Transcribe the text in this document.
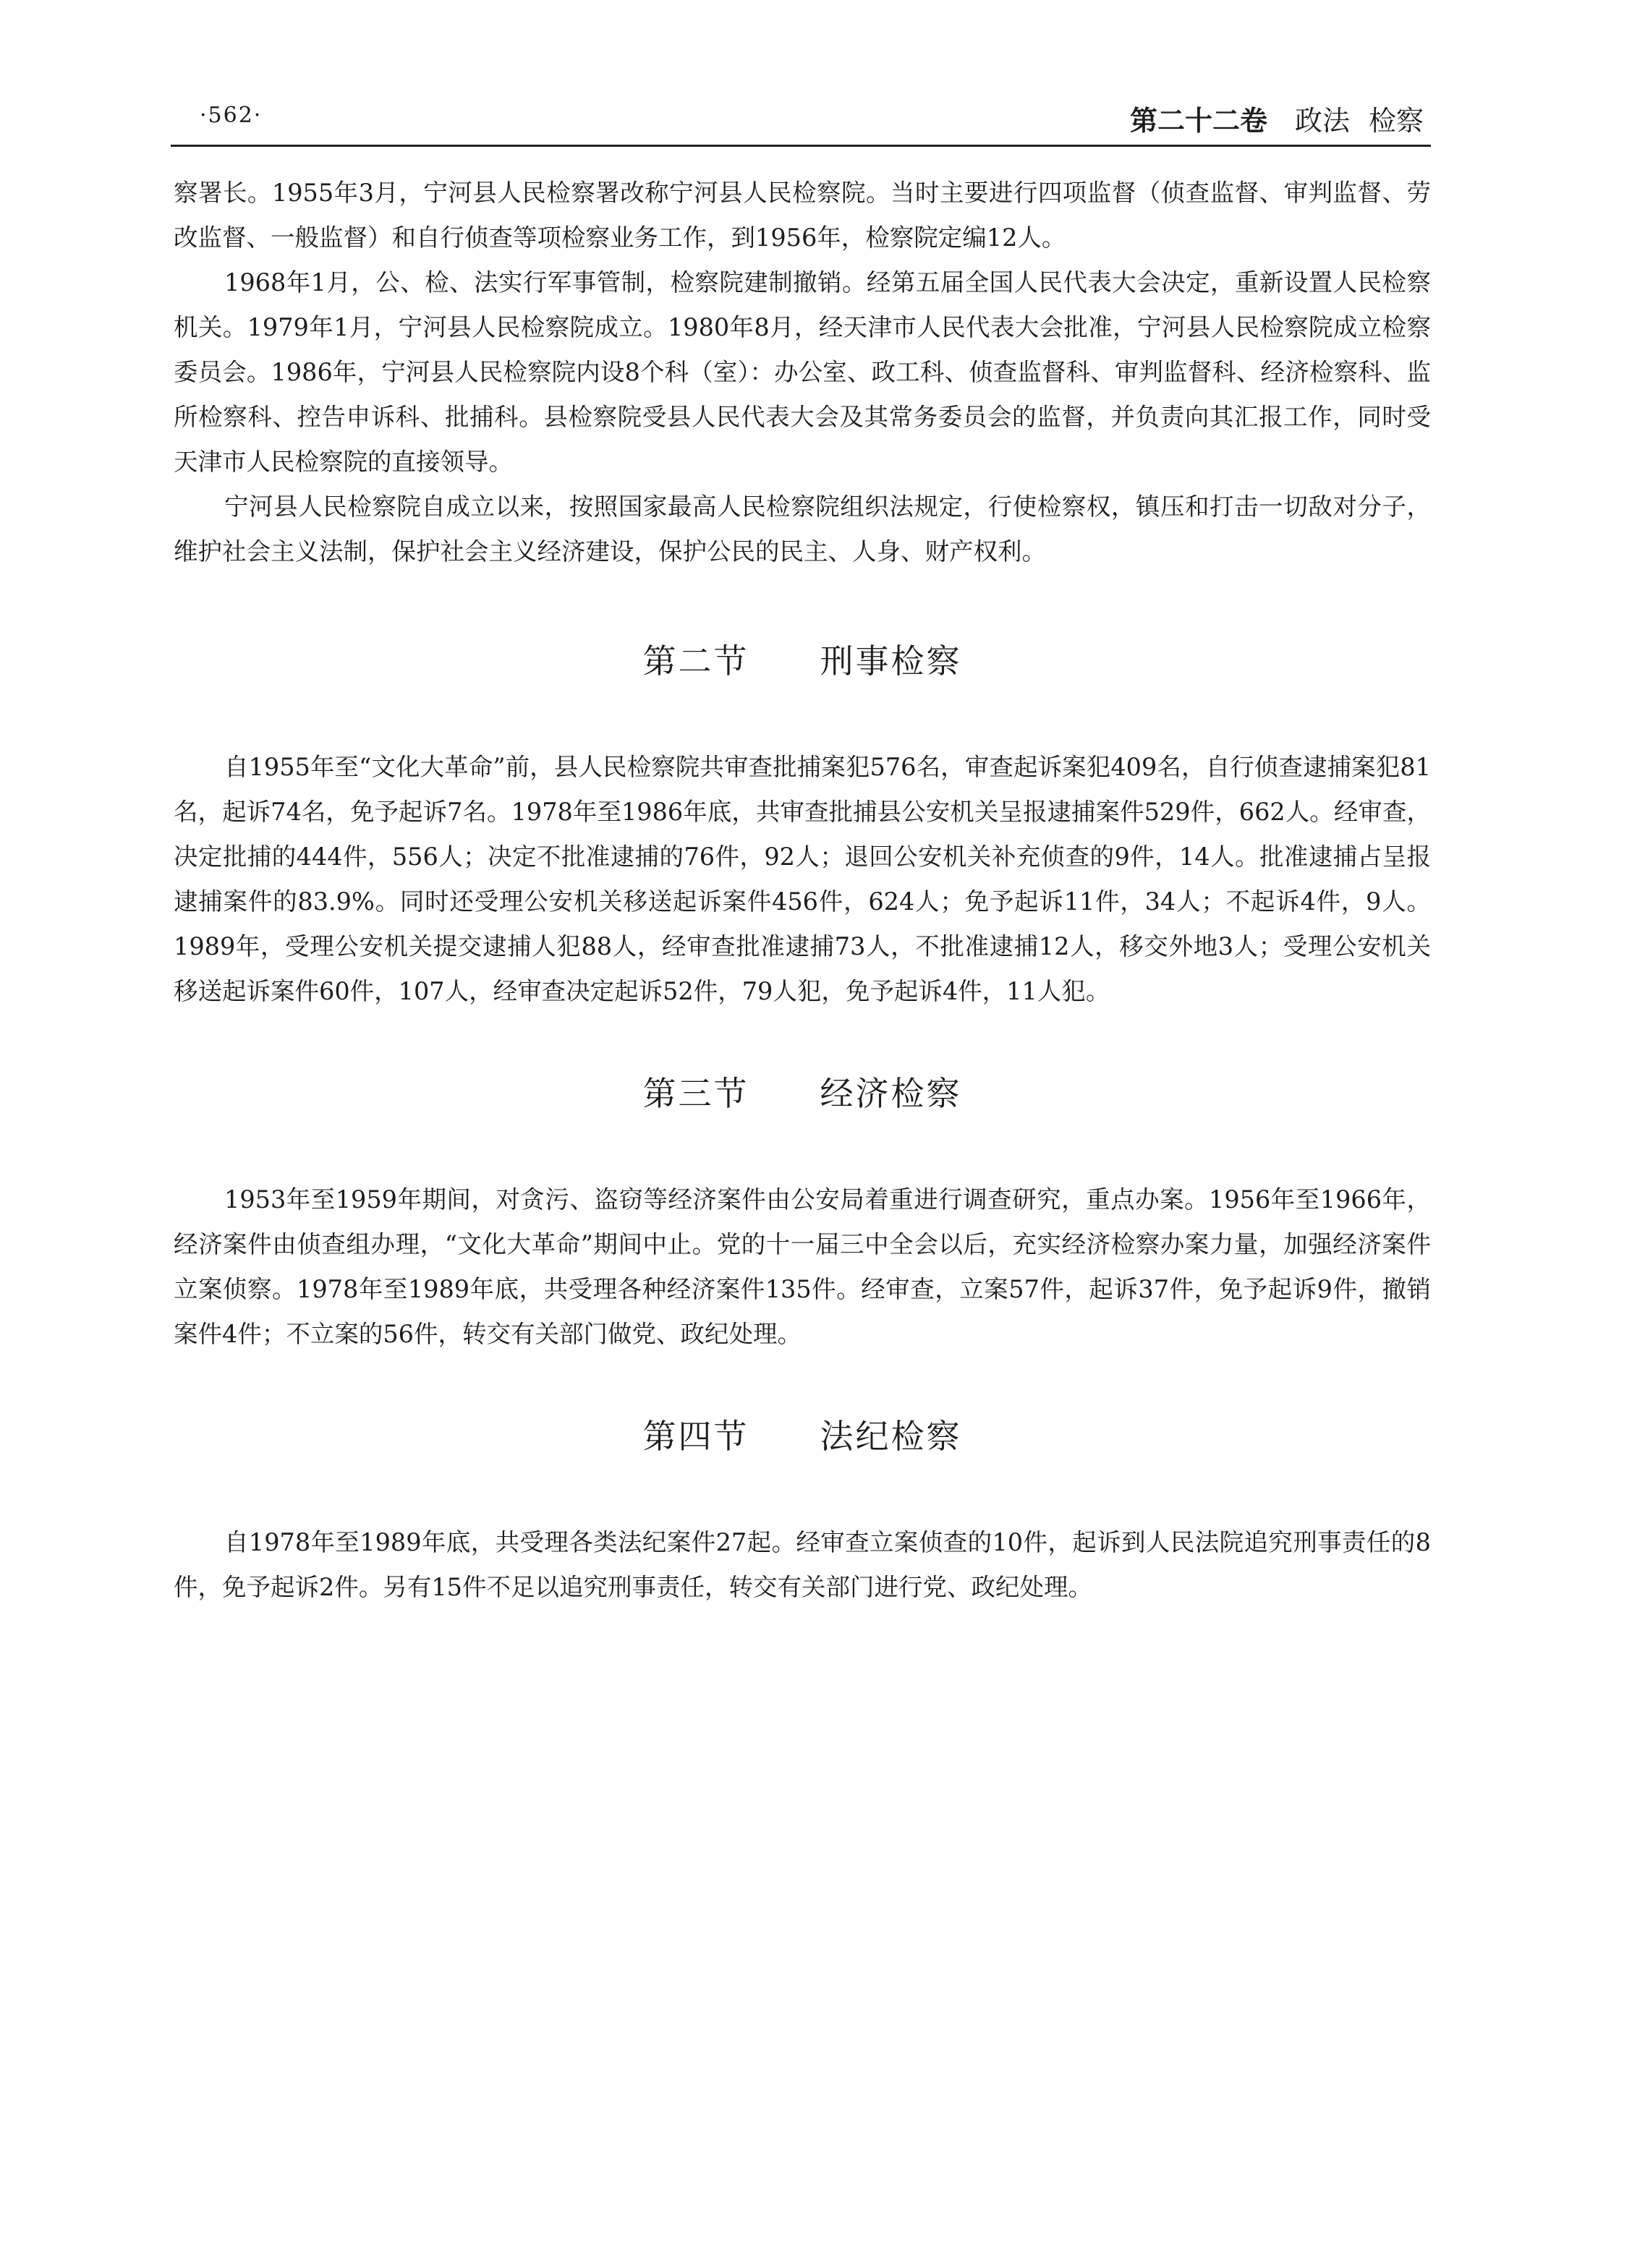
·562·	第二十二卷 政法 检察

察署长。1955年3月，宁河县人民检察署改称宁河县人民检察院。当时主要进行四项监督（侦查监督、审判监督、劳改监督、一般监督）和自行侦查等项检察业务工作，到1956年，检察院定编12人。

1968年1月，公、检、法实行军事管制，检察院建制撤销。经第五届全国人民代表大会决定，重新设置人民检察机关。1979年1月，宁河县人民检察院成立。1980年8月，经天津市人民代表大会批准，宁河县人民检察院成立检察委员会。1986年，宁河县人民检察院内设8个科（室）：办公室、政工科、侦查监督科、审判监督科、经济检察科、监所检察科、控告申诉科、批捕科。县检察院受县人民代表大会及其常务委员会的监督，并负责向其汇报工作，同时受天津市人民检察院的直接领导。

宁河县人民检察院自成立以来，按照国家最高人民检察院组织法规定，行使检察权，镇压和打击一切敌对分子，维护社会主义法制，保护社会主义经济建设，保护公民的民主、人身、财产权利。

第二节　　刑事检察

自1955年至“文化大革命”前，县人民检察院共审查批捕案犯576名，审查起诉案犯409名，自行侦查逮捕案犯81名，起诉74名，免予起诉7名。1978年至1986年底，共审查批捕县公安机关呈报逮捕案件529件，662人。经审查，决定批捕的444件，556人；决定不批准逮捕的76件，92人；退回公安机关补充侦查的9件，14人。批准逮捕占呈报逮捕案件的83.9%。同时还受理公安机关移送起诉案件456件，624人；免予起诉11件，34人；不起诉4件，9人。1989年，受理公安机关提交逮捕人犯88人，经审查批准逮捕73人，不批准逮捕12人，移交外地3人；受理公安机关移送起诉案件60件，107人，经审查决定起诉52件，79人犯，免予起诉4件，11人犯。

第三节　　经济检察

1953年至1959年期间，对贪污、盗窃等经济案件由公安局着重进行调查研究，重点办案。1956年至1966年，经济案件由侦查组办理，“文化大革命”期间中止。党的十一届三中全会以后，充实经济检察办案力量，加强经济案件立案侦察。1978年至1989年底，共受理各种经济案件135件。经审查，立案57件，起诉37件，免予起诉9件，撤销案件4件；不立案的56件，转交有关部门做党、政纪处理。

第四节　　法纪检察

自1978年至1989年底，共受理各类法纪案件27起。经审查立案侦查的10件，起诉到人民法院追究刑事责任的8件，免予起诉2件。另有15件不足以追究刑事责任，转交有关部门进行党、政纪处理。
